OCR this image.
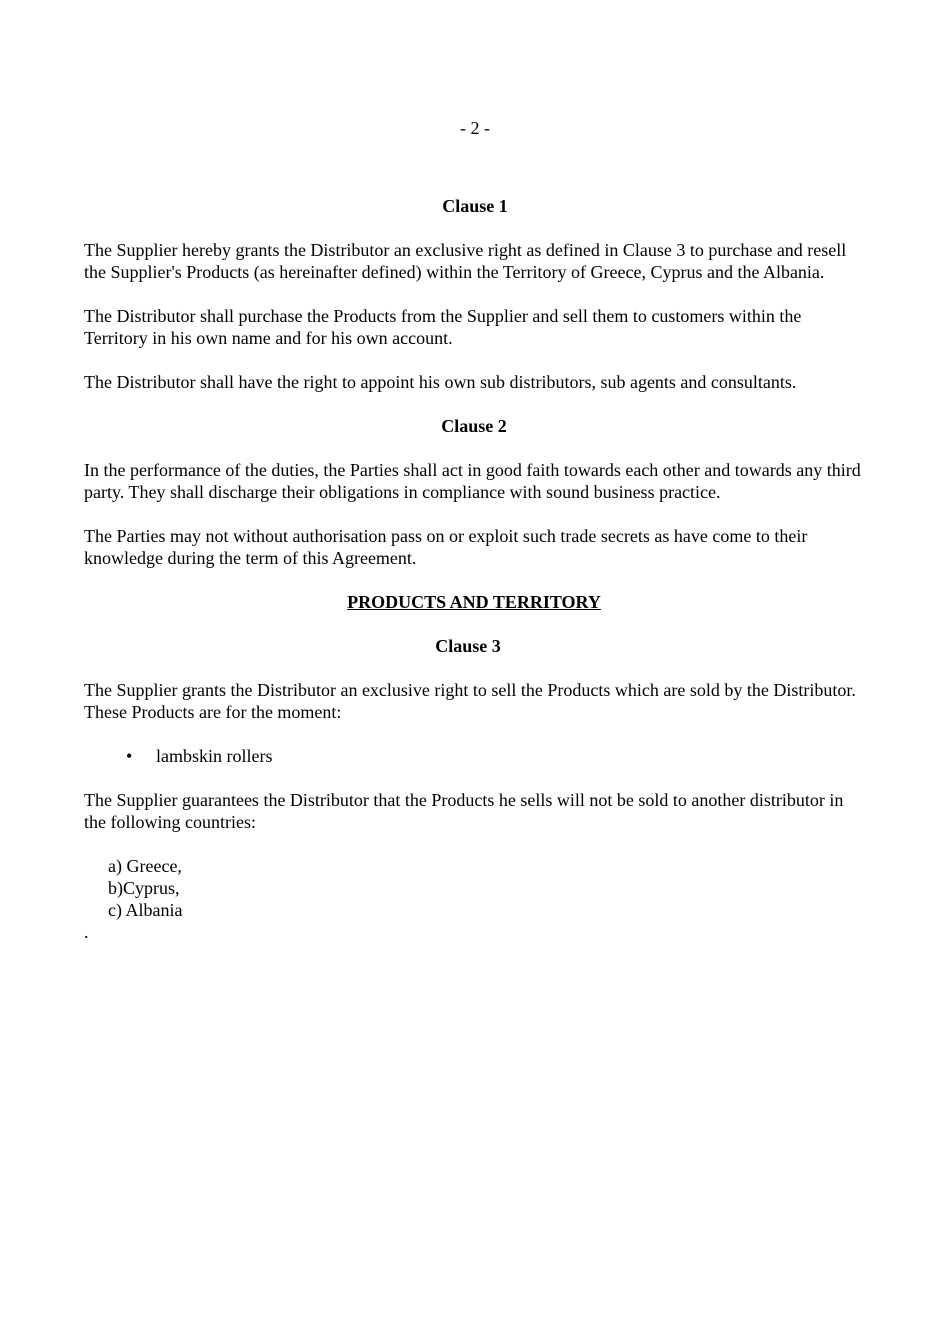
- 2 -
Clause 1

The Supplier hereby grants the Distributor an exclusive right as defined in Clause 3 to purchase and resell the Supplier's Products (as hereinafter defined) within the Territory of Greece, Cyprus and the Albania.

The Distributor shall purchase the Products from the Supplier and sell them to customers within the Territory in his own name and for his own account.

The Distributor shall have the right to appoint his own sub distributors, sub agents and consultants.

Clause 2

In the performance of the duties, the Parties shall act in good faith towards each other and towards any third party. They shall discharge their obligations in compliance with sound business practice.

The Parties may not without authorisation pass on or exploit such trade secrets as have come to their knowledge during the term of this Agreement.

PRODUCTS AND TERRITORY
Clause 3

The Supplier grants the Distributor an exclusive right to sell the Products which are sold by the Distributor. These Products are for the moment:

• lambskin rollers

The Supplier guarantees the Distributor that the Products he sells will not be sold to another distributor in the following countries:

a) Greece,
b)Cyprus,
c) Albania
.
